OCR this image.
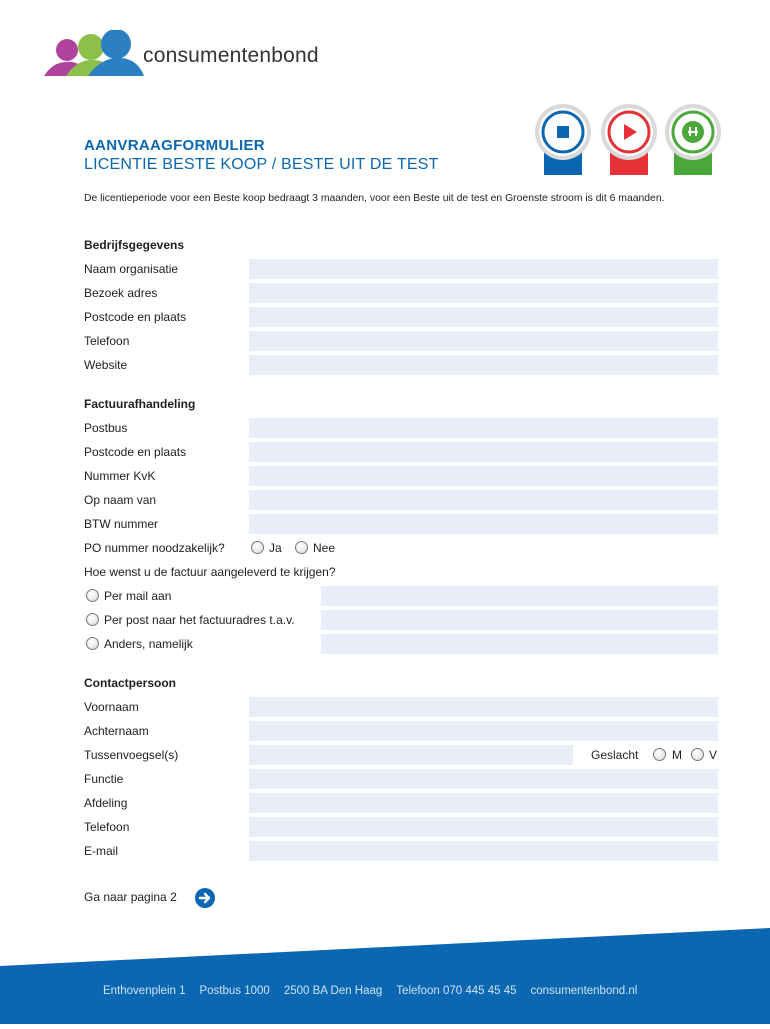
consumentenbond
AANVRAAGFORMULIER
LICENTIE BESTE KOOP / BESTE UIT DE TEST
De licentieperiode voor een Beste koop bedraagt 3 maanden, voor een Beste uit de test en Groenste stroom is dit 6 maanden.
Bedrijfsgegevens
Naam organisatie
Bezoek adres
Postcode en plaats
Telefoon
Website
Factuurafhandeling
Postbus
Postcode en plaats
Nummer KvK
Op naam van
BTW nummer
PO nummer noodzakelijk?	Ja	Nee
Hoe wenst u de factuur aangeleverd te krijgen?
Per mail aan
Per post naar het factuuradres t.a.v.
Anders, namelijk
Contactpersoon
Voornaam
Achternaam
Tussenvoegsel(s)	Geslacht	M V
Functie
Afdeling
Telefoon
E-mail
Ga naar pagina 2
Enthovenplein 1 Postbus 1000 2500 BA Den Haag Telefoon 070 445 45 45 consumentenbond.nl
